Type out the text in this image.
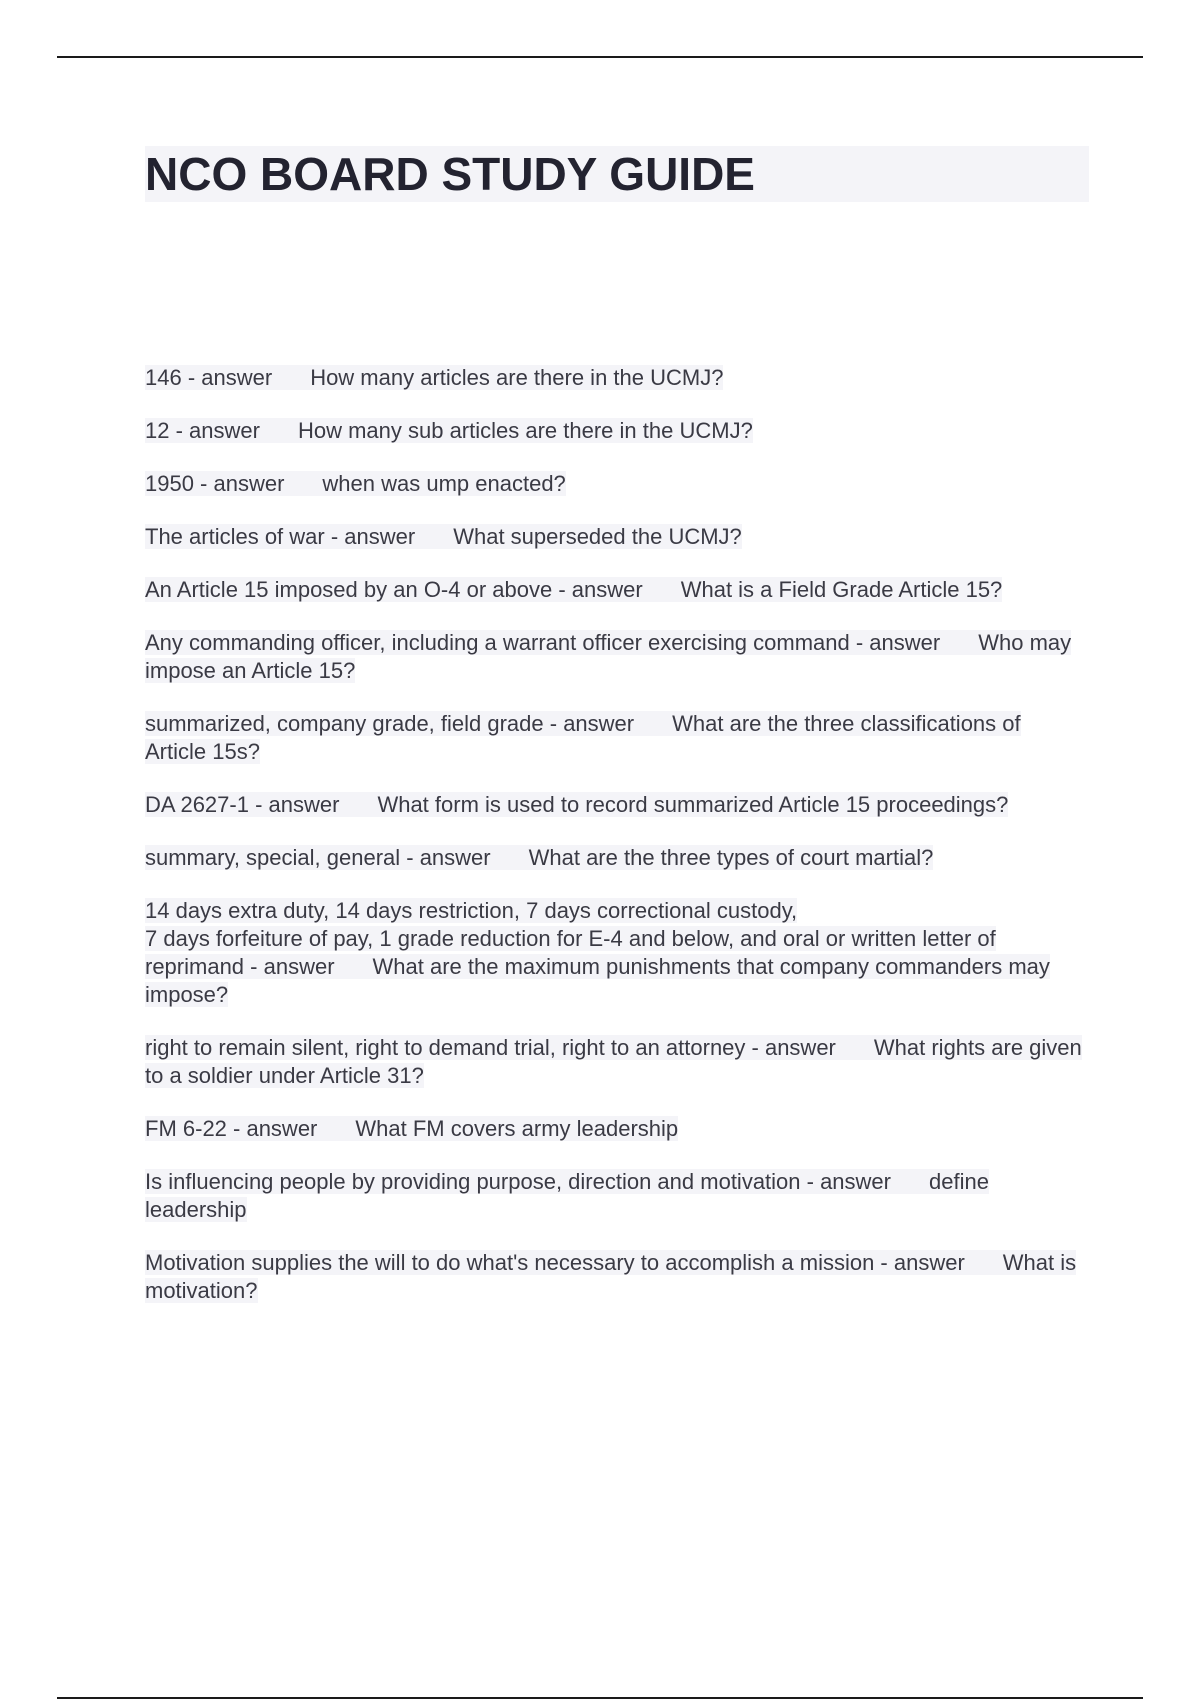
NCO BOARD STUDY GUIDE
146 - answer How many articles are there in the UCMJ?
12 - answer How many sub articles are there in the UCMJ?
1950 - answer when was ump enacted?
The articles of war - answer What superseded the UCMJ?
An Article 15 imposed by an O-4 or above - answer What is a Field Grade Article 15?
Any commanding officer, including a warrant officer exercising command - answer Who may impose an Article 15?
summarized, company grade, field grade - answer What are the three classifications of Article 15s?
DA 2627-1 - answer What form is used to record summarized Article 15 proceedings?
summary, special, general - answer What are the three types of court martial?
14 days extra duty, 14 days restriction, 7 days correctional custody,
7 days forfeiture of pay, 1 grade reduction for E-4 and below, and oral or written letter of reprimand - answer What are the maximum punishments that company commanders may impose?
right to remain silent, right to demand trial, right to an attorney - answer What rights are given to a soldier under Article 31?
FM 6-22 - answer What FM covers army leadership
Is influencing people by providing purpose, direction and motivation - answer define leadership
Motivation supplies the will to do what's necessary to accomplish a mission - answer What is motivation?
